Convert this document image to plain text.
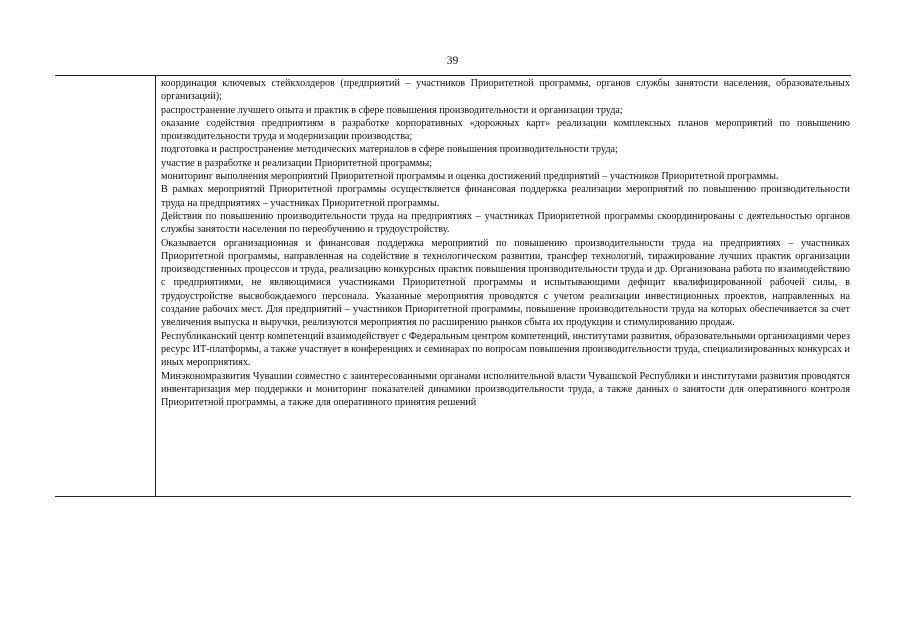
39

координация ключевых стейкхолдеров (предприятий – участников Приоритетной программы, органов службы занятости населения, образовательных организаций);

распространение лучшего опыта и практик в сфере повышения производительности и организации труда;

оказание содействия предприятиям в разработке корпоративных «дорожных карт» реализации комплексных планов мероприятий по повышению производительности труда и модернизации производства;

подготовка и распространение методических материалов в сфере повышения производительности труда;

участие в разработке и реализации Приоритетной программы;

мониторинг выполнения мероприятий Приоритетной программы и оценка достижений предприятий – участников Приоритетной программы.

В рамках мероприятий Приоритетной программы осуществляется финансовая поддержка реализации мероприятий по повышению производительности труда на предприятиях – участниках Приоритетной программы.

Действия по повышению производительности труда на предприятиях – участниках Приоритетной программы скоординированы с деятельностью органов службы занятости населения по переобучению и трудоустройству.

Оказывается организационная и финансовая поддержка мероприятий по повышению производительности труда на предприятиях – участниках Приоритетной программы, направленная на содействие в технологическом развитии, трансфер технологий, тиражирование лучших практик организации производственных процессов и труда, реализацию конкурсных практик повышения производительности труда и др. Организована работа по взаимодействию с предприятиями, не являющимися участниками Приоритетной программы и испытывающими дефицит квалифицированной рабочей силы, в трудоустройстве высвобождаемого персонала. Указанные мероприятия проводятся с учетом реализации инвестиционных проектов, направленных на создание рабочих мест. Для предприятий – участников Приоритетной программы, повышение производительности труда на которых обеспечивается за счет увеличения выпуска и выручки, реализуются мероприятия по расширению рынков сбыта их продукции и стимулированию продаж.

Республиканский центр компетенций взаимодействует с Федеральным центром компетенций, институтами развития, образовательными организациями через ресурс ИТ-платформы, а также участвует в конференциях и семинарах по вопросам повышения производительности труда, специализированных конкурсах и иных мероприятиях.

Минэкономразвития Чувашии совместно с заинтересованными органами исполнительной власти Чувашской Республики и институтами развития проводятся инвентаризация мер поддержки и мониторинг показателей динамики производительности труда, а также данных о занятости для оперативного контроля Приоритетной программы, а также для оперативного принятия решений
